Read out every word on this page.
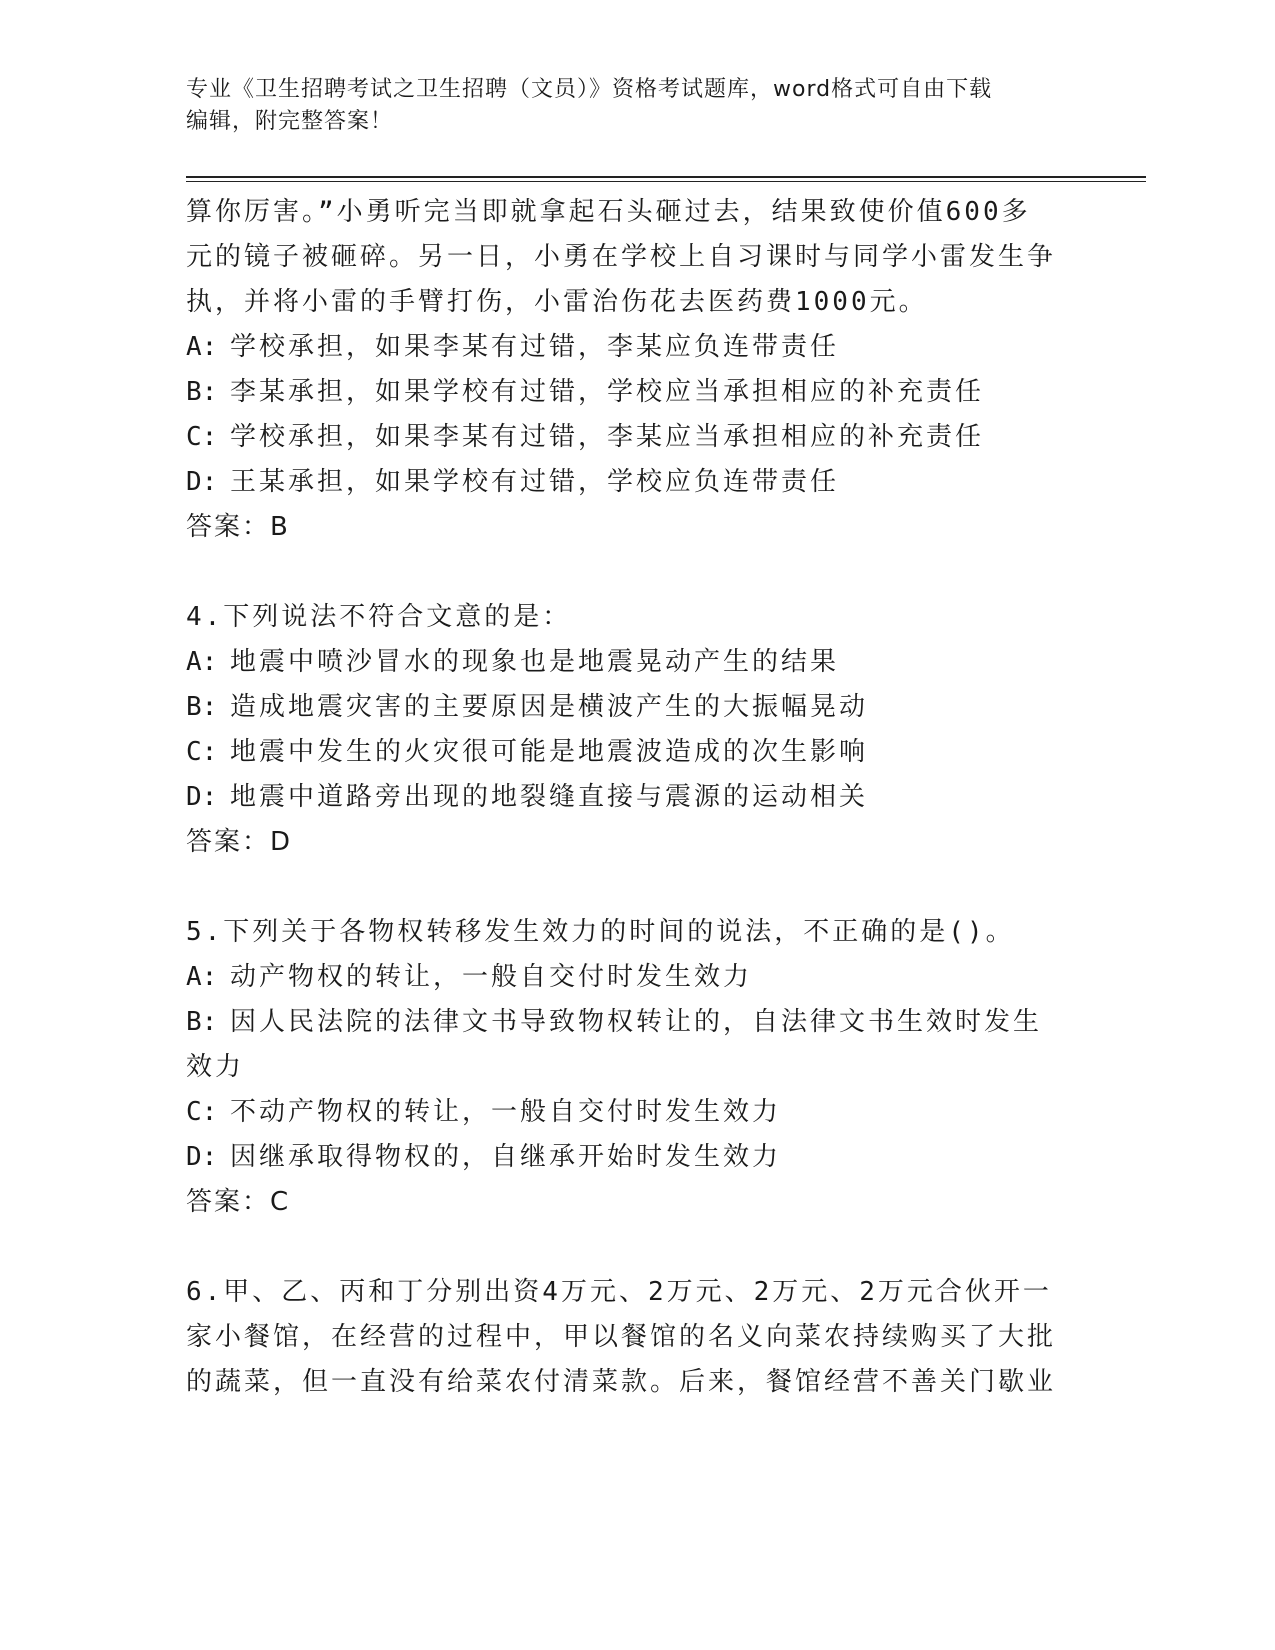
专业《卫生招聘考试之卫生招聘（文员）》资格考试题库，word格式可自由下载
编辑，附完整答案！
算你厉害。”小勇听完当即就拿起石头砸过去，结果致使价值600多
元的镜子被砸碎。另一日，小勇在学校上自习课时与同学小雷发生争
执，并将小雷的手臂打伤，小雷治伤花去医药费1000元。
A: 学校承担，如果李某有过错，李某应负连带责任
B: 李某承担，如果学校有过错，学校应当承担相应的补充责任
C: 学校承担，如果李某有过错，李某应当承担相应的补充责任
D: 王某承担，如果学校有过错，学校应负连带责任
答案：B
4.下列说法不符合文意的是：
A: 地震中喷沙冒水的现象也是地震晃动产生的结果
B: 造成地震灾害的主要原因是横波产生的大振幅晃动
C: 地震中发生的火灾很可能是地震波造成的次生影响
D: 地震中道路旁出现的地裂缝直接与震源的运动相关
答案：D
5.下列关于各物权转移发生效力的时间的说法，不正确的是()。
A: 动产物权的转让，一般自交付时发生效力
B: 因人民法院的法律文书导致物权转让的，自法律文书生效时发生效力
C: 不动产物权的转让，一般自交付时发生效力
D: 因继承取得物权的，自继承开始时发生效力
答案：C
6.甲、乙、丙和丁分别出资4万元、2万元、2万元、2万元合伙开一
家小餐馆，在经营的过程中，甲以餐馆的名义向菜农持续购买了大批
的蔬菜，但一直没有给菜农付清菜款。后来，餐馆经营不善关门歇业
